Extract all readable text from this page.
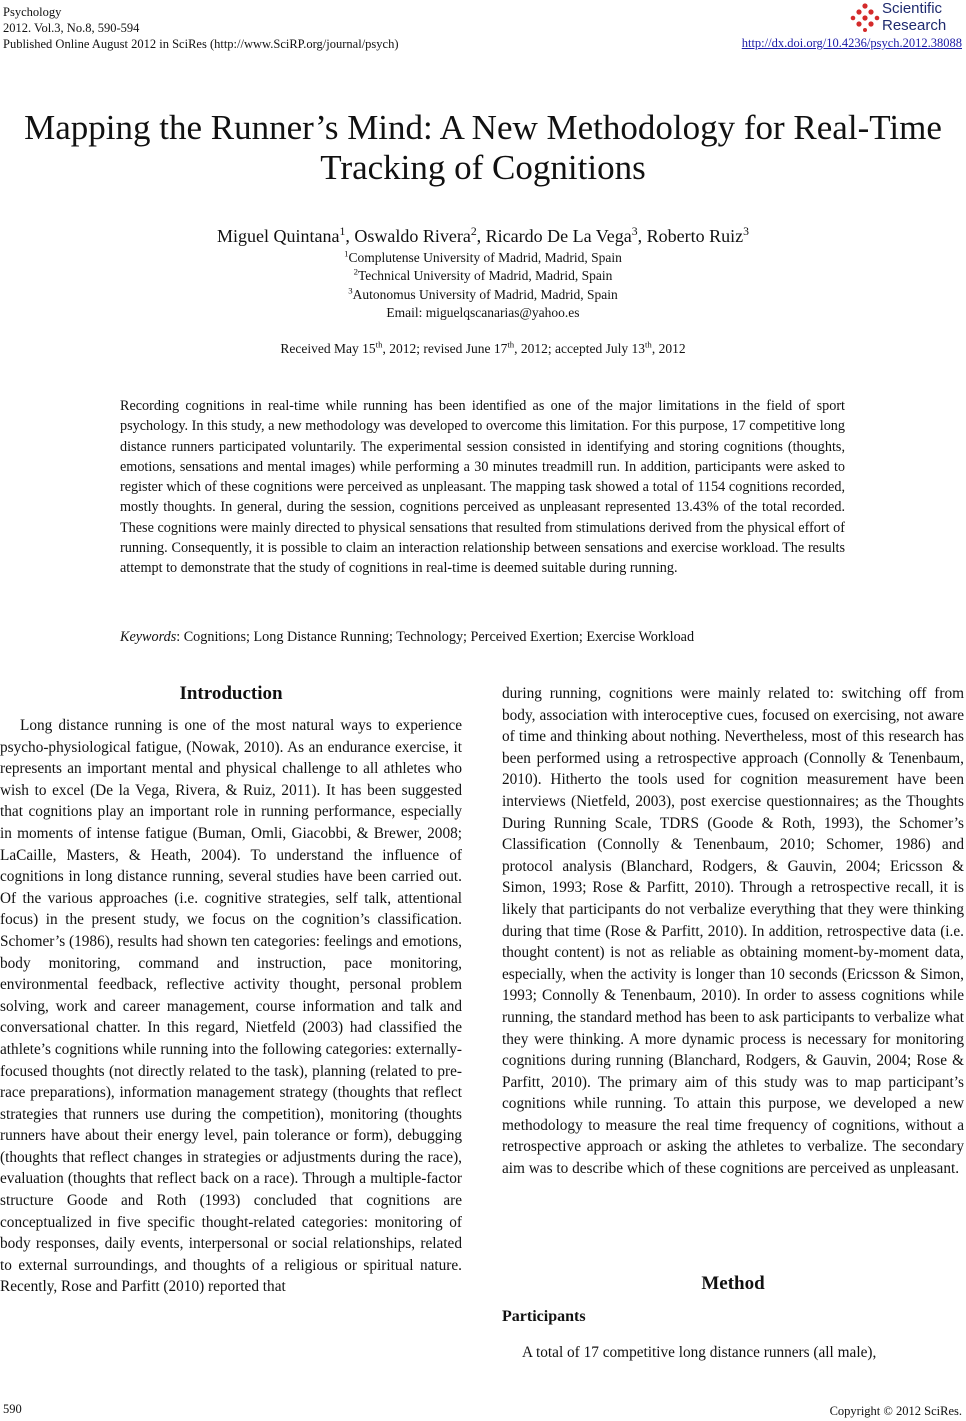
Psychology
2012. Vol.3, No.8, 590-594
Published Online August 2012 in SciRes (http://www.SciRP.org/journal/psych)	http://dx.doi.org/10.4236/psych.2012.38088
Scientific
Research
Mapping the Runner’s Mind: A New Methodology for Real-Time
Tracking of Cognitions
Miguel Quintana$^1$, Oswaldo Rivera$^2$, Ricardo De La Vega$^3$, Roberto Ruiz$^3$
$^1$Complutense University of Madrid, Madrid, Spain
$^2$Technical University of Madrid, Madrid, Spain
$^3$Autonomus University of Madrid, Madrid, Spain
Email: miguelqscanarias@yahoo.es
Received May 15th, 2012; revised June 17th, 2012; accepted July 13th, 2012
Recording cognitions in real-time while running has been identified as one of the major limitations in the field of sport psychology. In this study, a new methodology was developed to overcome this limitation. For this purpose, 17 competitive long distance runners participated voluntarily. The experimental session consisted in identifying and storing cognitions (thoughts, emotions, sensations and mental images) while performing a 30 minutes treadmill run. In addition, participants were asked to register which of these cognitions were perceived as unpleasant. The mapping task showed a total of 1154 cognitions recorded, mostly thoughts. In general, during the session, cognitions perceived as unpleasant represented 13.43% of the total recorded. These cognitions were mainly directed to physical sensations that resulted from stimulations derived from the physical effort of running. Consequently, it is possible to claim an interaction relationship between sensations and exercise workload. The results attempt to demonstrate that the study of cognitions in real-time is deemed suitable during running.
Keywords: Cognitions; Long Distance Running; Technology; Perceived Exertion; Exercise Workload
Introduction

Long distance running is one of the most natural ways to experience psycho-physiological fatigue, (Nowak, 2010). As an endurance exercise, it represents an important mental and physical challenge to all athletes who wish to excel (De la Vega, Rivera, & Ruiz, 2011). It has been suggested that cognitions play an important role in running performance, especially in moments of intense fatigue (Buman, Omli, Giacobbi, & Brewer, 2008; LaCaille, Masters, & Heath, 2004). To understand the influence of cognitions in long distance running, several studies have been carried out. Of the various approaches (i.e. cognitive strategies, self talk, attentional focus) in the present study, we focus on the cognition’s classification. Schomer’s (1986), results had shown ten categories: feelings and emotions, body monitoring, command and instruction, pace monitoring, environmental feedback, reflective activity thought, personal problem solving, work and career management, course information and talk and conversational chatter. In this regard, Nietfeld (2003) had classified the athlete’s cognitions while running into the following categories: externally-focused thoughts (not directly related to the task), planning (related to pre-race preparations), information management strategy (thoughts that reflect strategies that runners use during the competition), monitoring (thoughts runners have about their energy level, pain tolerance or form), debugging (thoughts that reflect changes in strategies or adjustments during the race), evaluation (thoughts that reflect back on a race). Through a multiple-factor structure Goode and Roth (1993) concluded that cognitions are conceptualized in five specific thought-related categories: monitoring of body responses, daily events, interpersonal or social relationships, related to external surroundings, and thoughts of a religious or spiritual nature. Recently, Rose and Parfitt (2010) reported that

during running, cognitions were mainly related to: switching off from body, association with interoceptive cues, focused on exercising, not aware of time and thinking about nothing. Nevertheless, most of this research has been performed using a retrospective approach (Connolly & Tenenbaum, 2010). Hitherto the tools used for cognition measurement have been interviews (Nietfeld, 2003), post exercise questionnaires; as the Thoughts During Running Scale, TDRS (Goode & Roth, 1993), the Schomer’s Classification (Connolly & Tenenbaum, 2010; Schomer, 1986) and protocol analysis (Blanchard, Rodgers, & Gauvin, 2004; Ericsson & Simon, 1993; Rose & Parfitt, 2010). Through a retrospective recall, it is likely that participants do not verbalize everything that they were thinking during that time (Rose & Parfitt, 2010). In addition, retrospective data (i.e. thought content) is not as reliable as obtaining moment-by-moment data, especially, when the activity is longer than 10 seconds (Ericsson & Simon, 1993; Connolly & Tenenbaum, 2010). In order to assess cognitions while running, the standard method has been to ask participants to verbalize what they were thinking. A more dynamic process is necessary for monitoring cognitions during running (Blanchard, Rodgers, & Gauvin, 2004; Rose & Parfitt, 2010). The primary aim of this study was to map participant’s cognitions while running. To attain this purpose, we developed a new methodology to measure the real time frequency of cognitions, without a retrospective approach or asking the athletes to verbalize. The secondary aim was to describe which of these cognitions are perceived as unpleasant.

Method
Participants

A total of 17 competitive long distance runners (all male),

590	Copyright © 2012 SciRes.
